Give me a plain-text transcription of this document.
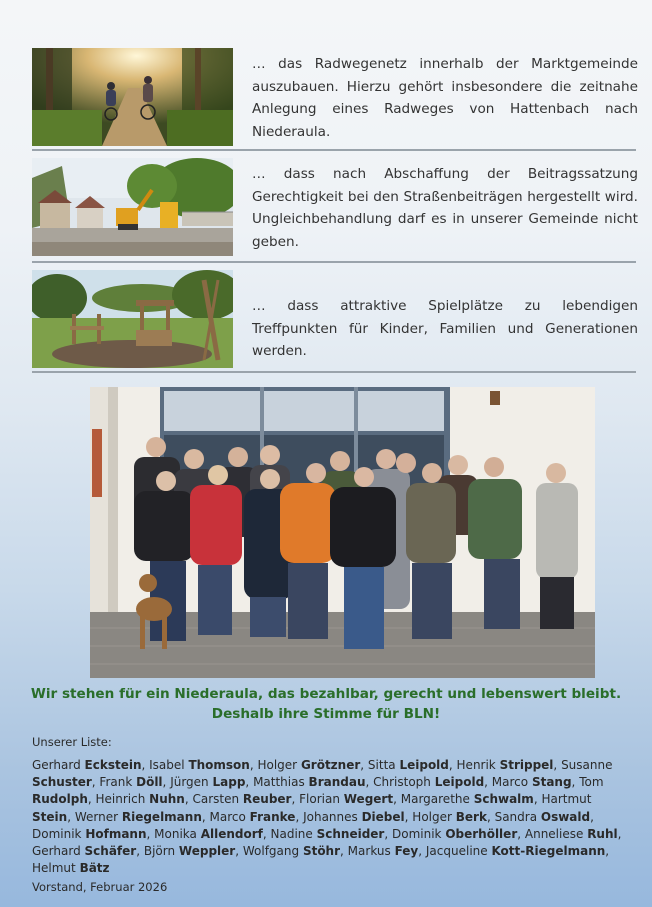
… das Radwegenetz innerhalb der Marktgemeinde auszubauen. Hierzu gehört insbesondere die zeitnahe Anlegung eines Radweges von Hattenbach nach Niederaula.
… dass nach Abschaffung der Beitragssatzung Gerechtigkeit bei den Straßenbeiträgen hergestellt wird. Ungleichbehandlung darf es in unserer Gemeinde nicht geben.
… dass attraktive Spielplätze zu lebendigen Treffpunkten für Kinder, Familien und Generationen werden.
Wir stehen für ein Niederaula, das bezahlbar, gerecht und lebenswert bleibt.
Deshalb ihre Stimme für BLN!
Unserer Liste:
Gerhard Eckstein, Isabel Thomson, Holger Grötzner, Sitta Leipold, Henrik Strippel, Susanne Schuster, Frank Döll, Jürgen Lapp, Matthias Brandau, Christoph Leipold, Marco Stang, Tom Rudolph, Heinrich Nuhn, Carsten Reuber, Florian Wegert, Margarethe Schwalm, Hartmut Stein, Werner Riegelmann, Marco Franke, Johannes Diebel, Holger Berk, Sandra Oswald, Dominik Hofmann, Monika Allendorf, Nadine Schneider, Dominik Oberhöller, Anneliese Ruhl, Gerhard Schäfer, Björn Weppler, Wolfgang Stöhr, Markus Fey, Jacqueline Kott-Riegelmann, Helmut Bätz
Vorstand, Februar 2026
